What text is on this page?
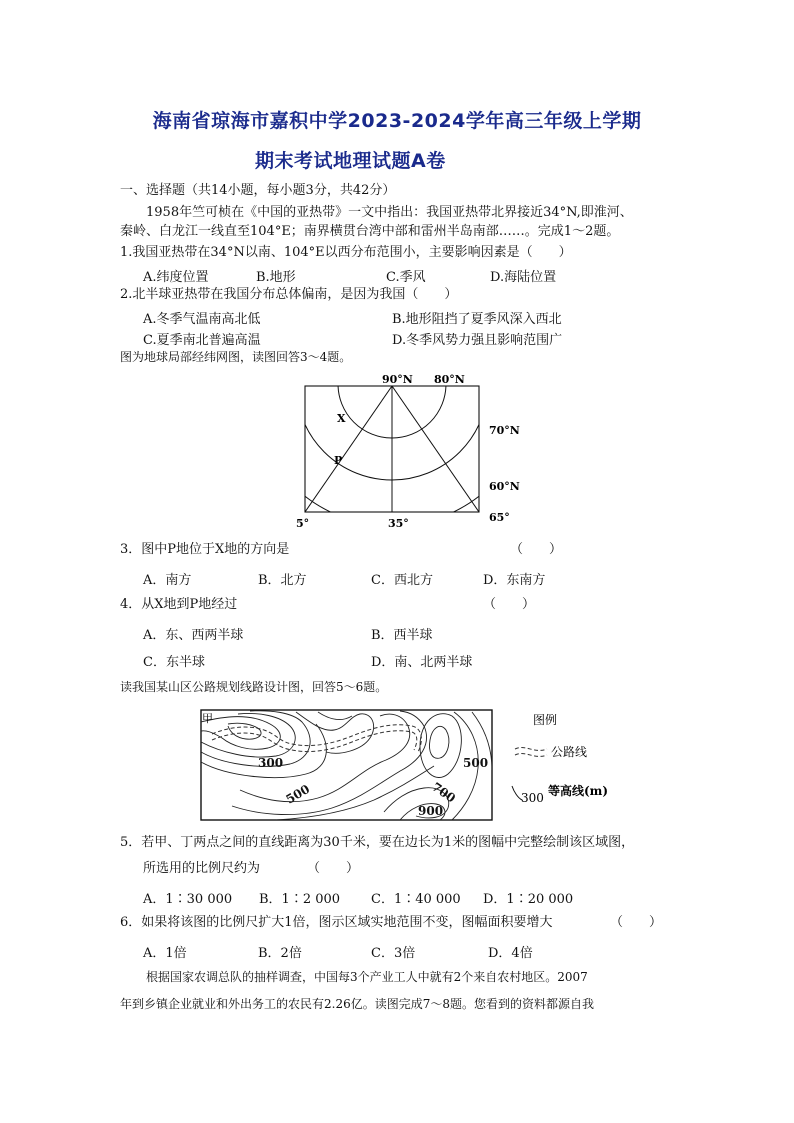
海南省琼海市嘉积中学2023-2024学年高三年级上学期
期末考试地理试题A卷
一、选择题（共14小题，每小题3分，共42分）
1958年竺可桢在《中国的亚热带》一文中指出：我国亚热带北界接近34°N,即淮河、
秦岭、白龙江一线直至104°E；南界横贯台湾中部和雷州半岛南部……。完成1～2题。
1.我国亚热带在34°N以南、104°E以西分布范围小，主要影响因素是（　　）
A.纬度位置	B.地形	C.季风	D.海陆位置
2.北半球亚热带在我国分布总体偏南，是因为我国（　　）
A.冬季气温南高北低	B.地形阻挡了夏季风深入西北
C.夏季南北普遍高温	D.冬季风势力强且影响范围广
图为地球局部经纬网图，读图回答3～4题。
90°N 80°N
70°N
60°N
65°
5°	35°
X
P
3．图中P地位于X地的方向是	（　　）
A．南方	B．北方	C．西北方	D．东南方
4．从X地到P地经过	（　　）
A．东、西两半球	B．西半球
C．东半球	D．南、北两半球
读我国某山区公路规划线路设计图，回答5～6题。
甲
300
500
500
700
900
图例
公路线
300 等高线(m)
5．若甲、丁两点之间的直线距离为30千米，要在边长为1米的图幅中完整绘制该区域图，
所选用的比例尺约为	（　　）
A．1∶30 000 B．1∶2 000 C．1∶40 000 D．1∶20 000
6．如果将该图的比例尺扩大1倍，图示区域实地范围不变，图幅面积要增大	（　　）
A．1倍	B．2倍	C．3倍	D．4倍
根据国家农调总队的抽样调查，中国每3个产业工人中就有2个来自农村地区。2007
年到乡镇企业就业和外出务工的农民有2.26亿。读图完成7～8题。您看到的资料都源自我
